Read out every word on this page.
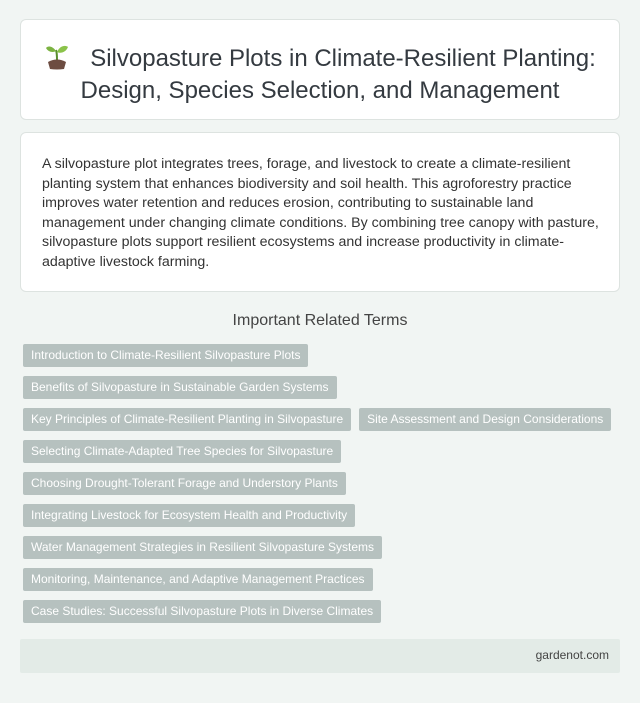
Silvopasture Plots in Climate-Resilient Planting:
Design, Species Selection, and Management

A silvopasture plot integrates trees, forage, and livestock to create a climate-resilient planting system that enhances biodiversity and soil health. This agroforestry practice improves water retention and reduces erosion, contributing to sustainable land management under changing climate conditions. By combining tree canopy with pasture, silvopasture plots support resilient ecosystems and increase productivity in climate-adaptive livestock farming.

Important Related Terms
Introduction to Climate-Resilient Silvopasture Plots
Benefits of Silvopasture in Sustainable Garden Systems
Key Principles of Climate-Resilient Planting in Silvopasture	Site Assessment and Design Considerations
Selecting Climate-Adapted Tree Species for Silvopasture
Choosing Drought-Tolerant Forage and Understory Plants
Integrating Livestock for Ecosystem Health and Productivity
Water Management Strategies in Resilient Silvopasture Systems
Monitoring, Maintenance, and Adaptive Management Practices
Case Studies: Successful Silvopasture Plots in Diverse Climates
gardenot.com
